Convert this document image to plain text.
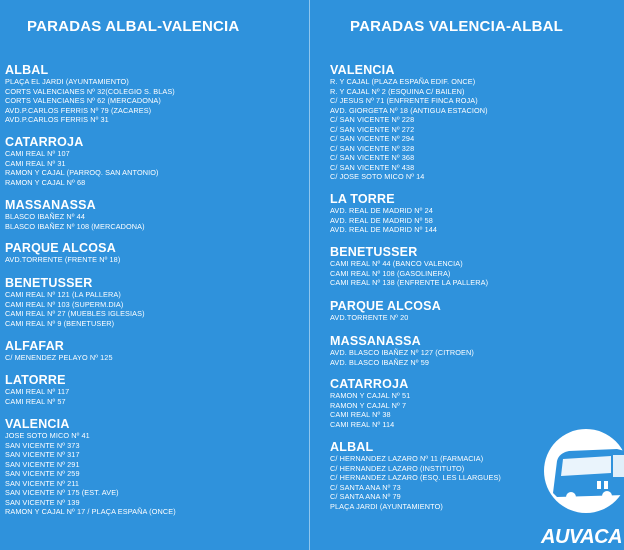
PARADAS ALBAL-VALENCIA
ALBAL
PLAÇA EL JARDI (AYUNTAMIENTO)
CORTS VALENCIANES Nº 32(COLEGIO S. BLAS)
CORTS VALENCIANES Nº 62 (MERCADONA)
AVD.P.CARLOS FERRIS Nº 79 (ZACARES)
AVD.P.CARLOS FERRIS Nº 31
CATARROJA
CAMI REAL Nº 107
CAMI REAL Nº 31
RAMON Y CAJAL (PARROQ. SAN ANTONIO)
RAMON Y CAJAL Nº 68
MASSANASSA
BLASCO IBAÑEZ Nº 44
BLASCO IBAÑEZ Nº 108 (MERCADONA)
PARQUE ALCOSA
AVD.TORRENTE (FRENTE Nº 18)
BENETUSSER
CAMI REAL Nº 121 (LA PALLERA)
CAMI REAL Nº 103 (SUPERM.DIA)
CAMI REAL Nº 27 (MUEBLES IGLESIAS)
CAMI REAL Nº 9 (BENETUSER)
ALFAFAR
C/ MENENDEZ PELAYO Nº 125
LATORRE
CAMI REAL Nº 117
CAMI REAL Nº 57
VALENCIA
JOSE SOTO MICO Nº 41
SAN VICENTE Nº 373
SAN VICENTE Nº 317
SAN VICENTE Nº 291
SAN VICENTE Nº 259
SAN VICENTE Nº 211
SAN VICENTE Nº 175 (EST. AVE)
SAN VICENTE Nº 139
RAMON Y CAJAL Nº 17 / PLAÇA ESPAÑA (ONCE)
PARADAS VALENCIA-ALBAL
VALENCIA
R. Y CAJAL (PLAZA ESPAÑA EDIF. ONCE)
R. Y CAJAL Nº 2 (ESQUINA C/ BAILEN)
C/ JESUS Nº 71 (ENFRENTE FINCA ROJA)
AVD. GIORGETA Nº 18 (ANTIGUA ESTACION)
C/ SAN VICENTE Nº 228
C/ SAN VICENTE Nº 272
C/ SAN VICENTE Nº 294
C/ SAN VICENTE Nº 328
C/ SAN VICENTE Nº 368
C/ SAN VICENTE Nº 438
C/ JOSE SOTO MICO Nº 14
LA TORRE
AVD. REAL DE MADRID Nº 24
AVD. REAL DE MADRID Nº 58
AVD. REAL DE MADRID Nº 144
BENETUSSER
CAMI REAL Nº 44 (BANCO VALENCIA)
CAMI REAL Nº 108 (GASOLINERA)
CAMI REAL Nº 138 (ENFRENTE LA PALLERA)
PARQUE ALCOSA
AVD.TORRENTE Nº 20
MASSANASSA
AVD. BLASCO IBAÑEZ Nº 127 (CITROEN)
AVD. BLASCO IBAÑEZ Nº 59
CATARROJA
RAMON Y CAJAL Nº 51
RAMON Y CAJAL Nº 7
CAMI REAL Nº 38
CAMI REAL Nº 114
ALBAL
C/ HERNANDEZ LAZARO Nº 11 (FARMACIA)
C/ HERNANDEZ LAZARO (INSTITUTO)
C/ HERNANDEZ LAZARO (ESQ. LES LLARGUES)
C/ SANTA ANA Nº 73
C/ SANTA ANA Nº 79
PLAÇA JARDI (AYUNTAMIENTO)
AUVACA
